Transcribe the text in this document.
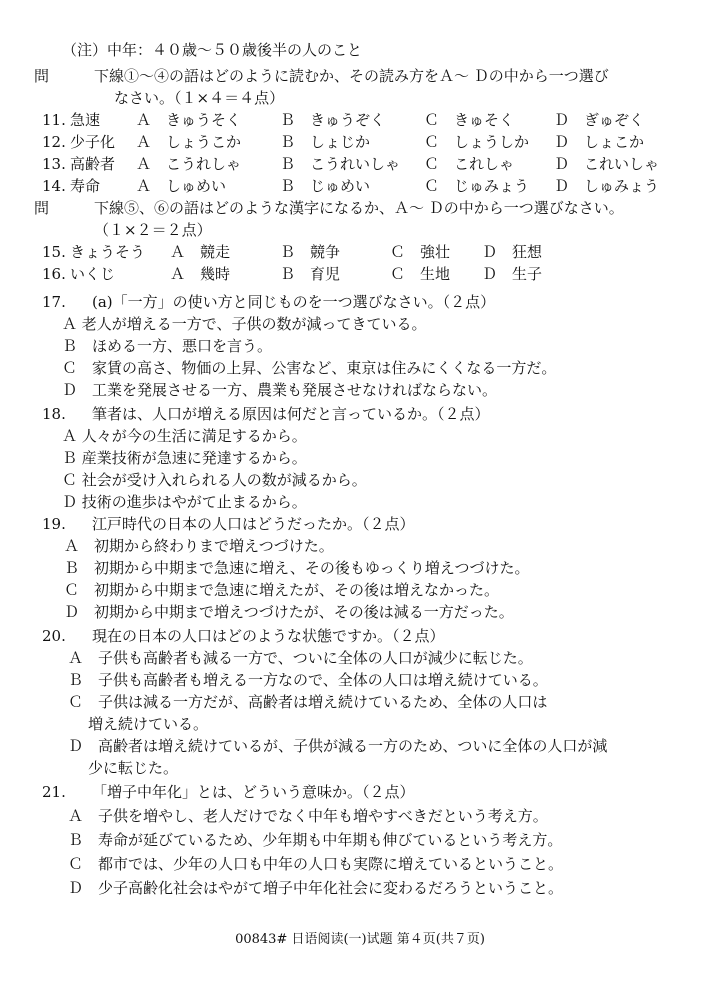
（注）中年：４０歳〜５０歳後半の人のこと
問	下線①〜④の語はどのように読むか、その読み方をＡ〜 Ｄの中から一つ選び
なさい。（１×４＝４点）
11. 急速 Ａ　きゅうそく	Ｂ　きゅうぞく	Ｃ　きゅそく	Ｄ　ぎゅぞく
12. 少子化 Ａ　しょうこか	Ｂ　しょじか	Ｃ　しょうしか Ｄ　しょこか
13. 高齢者 Ａ　こうれしゃ	Ｂ　こうれいしゃ Ｃ　これしゃ	Ｄ　これいしゃ
14. 寿命 Ａ　しゅめい	Ｂ　じゅめい	Ｃ　じゅみょう Ｄ　しゅみょう
問	下線⑤、⑥の語はどのような漢字になるか、Ａ〜 Ｄの中から一つ選びなさい。
（１×２＝２点）
15. きょうそう Ａ　競走	Ｂ　競争	Ｃ　強壮 Ｄ　狂想
16. いくじ	Ａ　幾時	Ｂ　育児	Ｃ　生地 Ｄ　生子
17. (a)「一方」の使い方と同じものを一つ選びなさい。（２点）
Ａ 老人が増える一方で、子供の数が減ってきている。
Ｂ　ほめる一方、悪口を言う。
Ｃ　家賃の高さ、物価の上昇、公害など、東京は住みにくくなる一方だ。
Ｄ　工業を発展させる一方、農業も発展させなければならない。
18. 筆者は、人口が増える原因は何だと言っているか。（２点）
Ａ 人々が今の生活に満足するから。
Ｂ 産業技術が急速に発達するから。
Ｃ 社会が受け入れられる人の数が減るから。
Ｄ 技術の進歩はやがて止まるから。
19. 江戸時代の日本の人口はどうだったか。（２点）
Ａ　初期から終わりまで増えつづけた。
Ｂ　初期から中期まで急速に増え、その後もゆっくり増えつづけた。
Ｃ　初期から中期まで急速に増えたが、その後は増えなかった。
Ｄ　初期から中期まで増えつづけたが、その後は減る一方だった。
20. 現在の日本の人口はどのような状態ですか。（２点）
Ａ　子供も高齢者も減る一方で、ついに全体の人口が減少に転じた。
Ｂ　子供も高齢者も増える一方なので、全体の人口は増え続けている。
Ｃ　子供は減る一方だが、高齢者は増え続けているため、全体の人口は
増え続けている。
Ｄ　高齢者は増え続けているが、子供が減る一方のため、ついに全体の人口が減
少に転じた。
21. 「増子中年化」とは、どういう意味か。（２点）
Ａ　子供を増やし、老人だけでなく中年も増やすべきだという考え方。
Ｂ　寿命が延びているため、少年期も中年期も伸びているという考え方。
Ｃ　都市では、少年の人口も中年の人口も実際に増えているということ。
Ｄ　少子高齢化社会はやがて増子中年化社会に変わるだろうということ。
00843# 日语阅读(一)试题 第４页(共７页)
